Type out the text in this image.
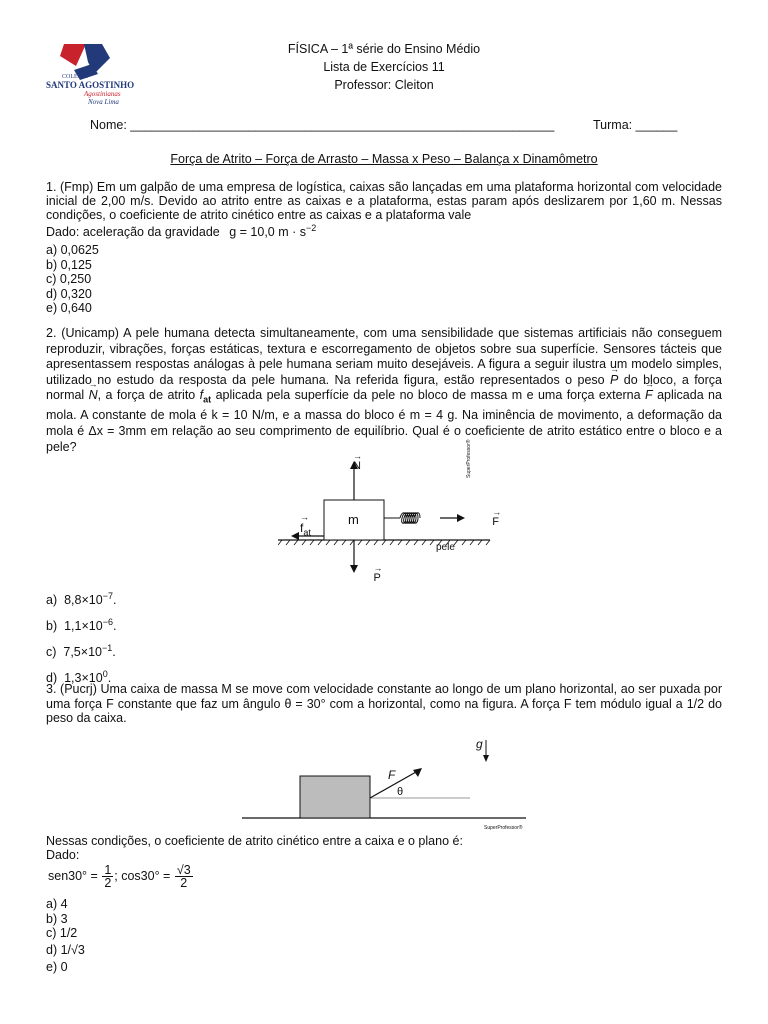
COLÉGIO
SANTO AGOSTINHO
Agostinianas
Nova Lima
FÍSICA – 1ª série do Ensino Médio
Lista de Exercícios 11
Professor: Cleiton
Nome: _____________________________________________________________	Turma: ______
Força de Atrito – Força de Arrasto – Massa x Peso – Balança x Dinamômetro
1. (Fmp) Em um galpão de uma empresa de logística, caixas são lançadas em uma plataforma horizontal com velocidade inicial de 2,00 m/s. Devido ao atrito entre as caixas e a plataforma, estas param após deslizarem por 1,60 m. Nessas condições, o coeficiente de atrito cinético entre as caixas e a plataforma vale
Dado: aceleração da gravidade g = 10,0 $m \cdot s^{-2}$
a) 0,0625
b) 0,125
c) 0,250
d) 0,320
e) 0,640
2. (Unicamp) A pele humana detecta simultaneamente, com uma sensibilidade que sistemas artificiais não conseguem reproduzir, vibrações, forças estáticas, textura e escorregamento de objetos sobre sua superfície. Sensores tácteis que apresentassem respostas análogas à pele humana seriam muito desejáveis. A figura a seguir ilustra um modelo simples, utilizado no estudo da resposta da pele humana. Na referida figura, estão representados o peso → P do bloco, a força normal → N, a força de atrito $f_{at}$ aplicada pela superfície da pele no bloco de massa m e uma força externa → F aplicada na mola. A constante de mola é k = 10 N/m, e a massa do bloco é m = 4 g. Na iminência de movimento, a deformação da mola é Δx = 3mm em relação ao seu comprimento de equilíbrio. Qual é o coeficiente de atrito estático entre o bloco e a pele?
m
→ N → P → F
→ $f_{at}$
pele
SuperProfessor®
a) $8,8\times 10^{-7}$.
b) $1,1\times 10^{-6}$.
c) $7,5\times 10^{-1}$.
d) $1,3\times 10^0$.
3. (Pucrj) Uma caixa de massa M se move com velocidade constante ao longo de um plano horizontal, ao ser puxada por uma força F constante que faz um ângulo θ = 30° com a horizontal, como na figura. A força F tem módulo igual a 1/2 do peso da caixa.
F
θ
g
SuperProfessor®
Nessas condições, o coeficiente de atrito cinético entre a caixa e o plano é:
Dado:
$sen30^\circ = \frac{1}{2}$ ; $\cos 30^\circ = \frac{√3}{2}$
a) 4
b) 3
c) 1/2
d) 1/√3
e) 0
